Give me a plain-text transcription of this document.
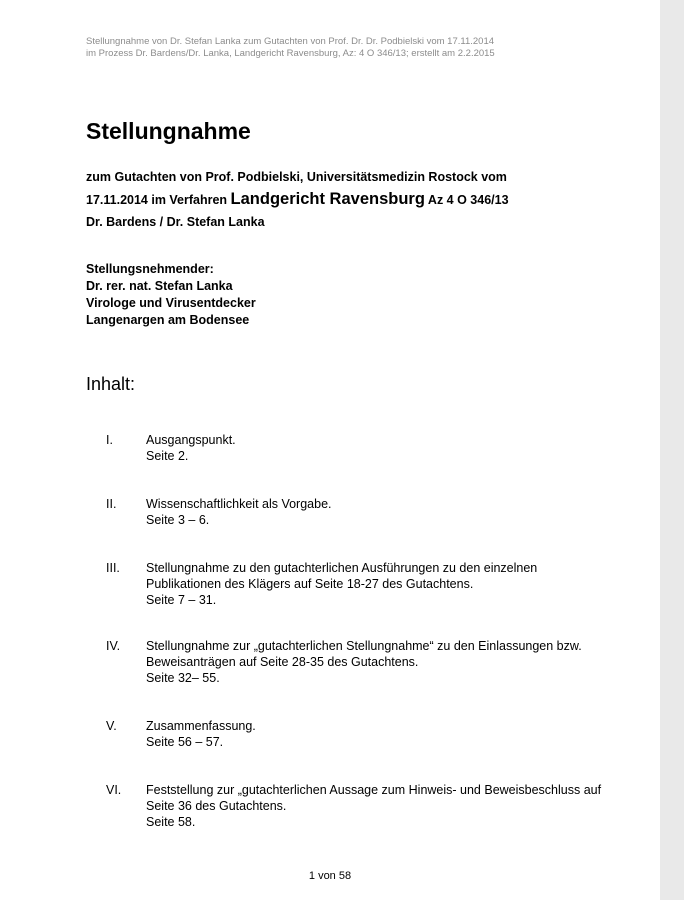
Stellungnahme von Dr. Stefan Lanka zum Gutachten von Prof. Dr. Dr. Podbielski vom 17.11.2014
im Prozess Dr. Bardens/Dr. Lanka, Landgericht Ravensburg, Az: 4 O 346/13; erstellt am 2.2.2015
Stellungnahme
zum Gutachten von Prof. Podbielski, Universitätsmedizin Rostock vom
17.11.2014 im Verfahren Landgericht Ravensburg Az 4 O 346/13
Dr. Bardens / Dr. Stefan Lanka
Stellungsnehmender:
Dr. rer. nat. Stefan Lanka
Virologe und Virusentdecker
Langenargen am Bodensee
Inhalt:
I.	Ausgangspunkt.
Seite 2.
II.	Wissenschaftlichkeit als Vorgabe.
Seite 3 – 6.
III.	Stellungnahme zu den gutachterlichen Ausführungen zu den einzelnen
Publikationen des Klägers auf Seite 18-27 des Gutachtens.
Seite 7 – 31.
IV.	Stellungnahme zur „gutachterlichen Stellungnahme“ zu den Einlassungen bzw.
Beweisanträgen auf Seite 28-35 des Gutachtens.
Seite 32– 55.
V.	Zusammenfassung.
Seite 56 – 57.
VI.	Feststellung zur „gutachterlichen Aussage zum Hinweis- und Beweisbeschluss auf
Seite 36 des Gutachtens.
Seite 58.
1 von 58
